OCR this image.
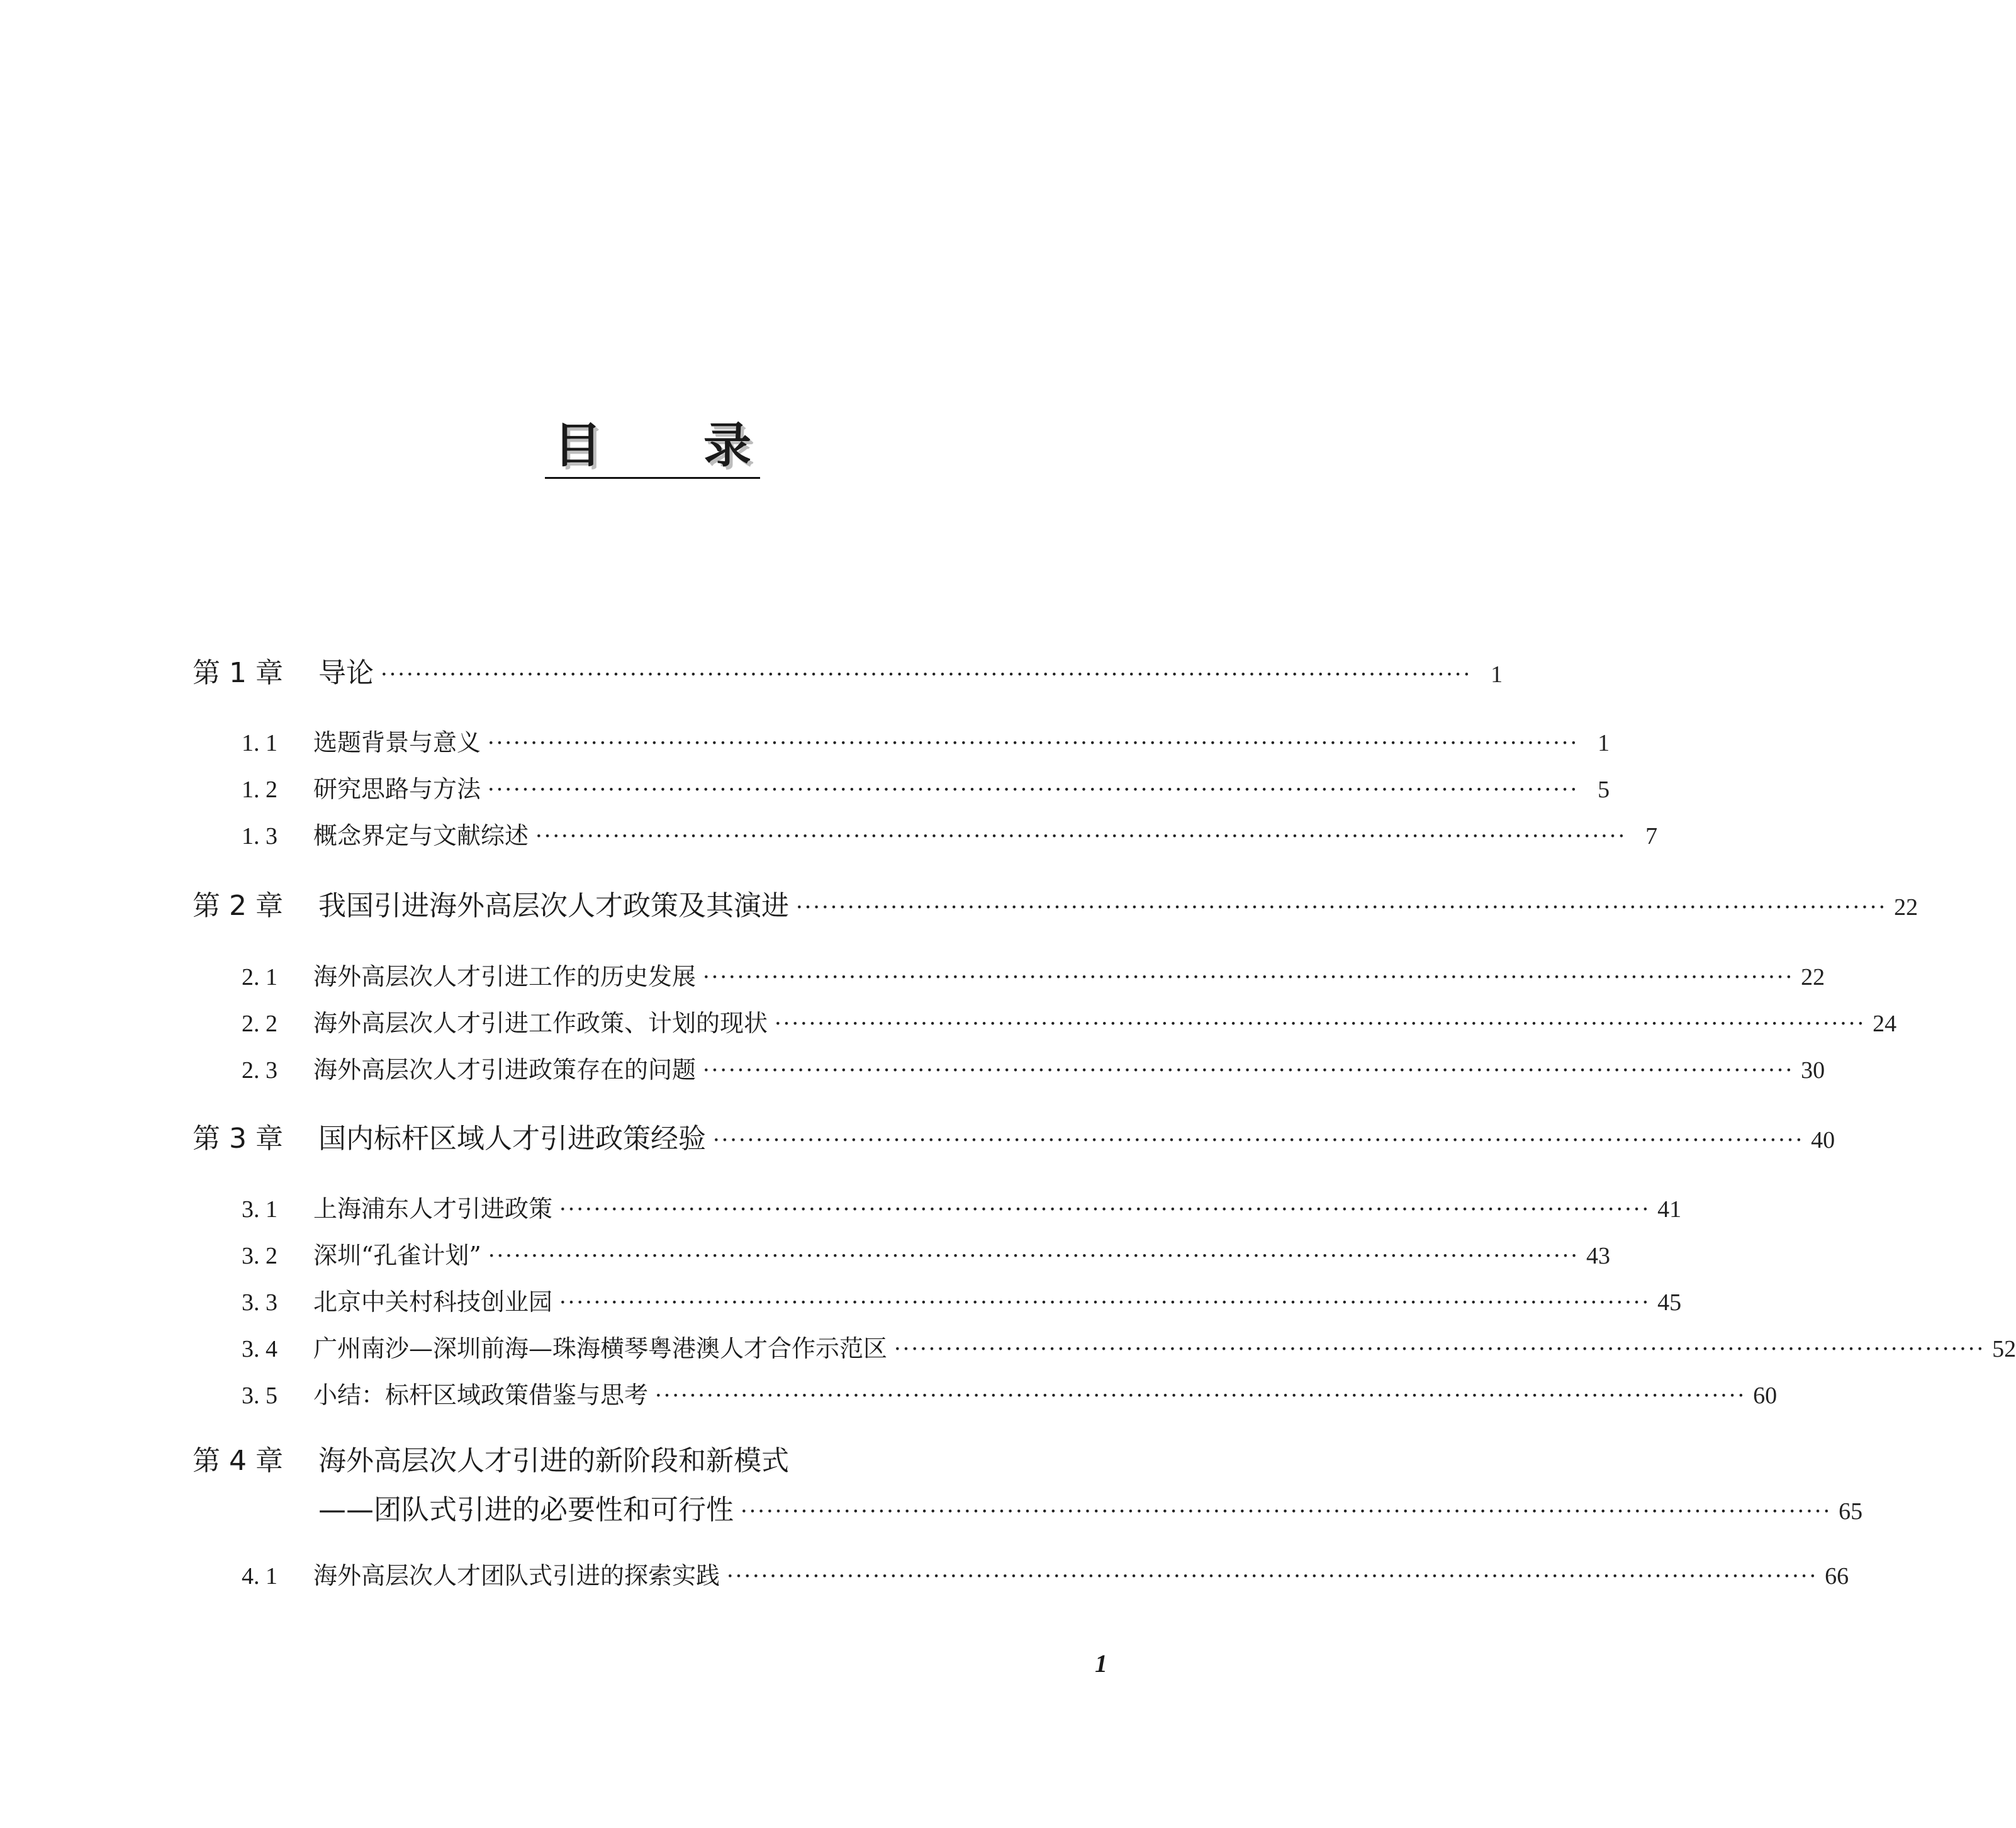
目 录
第 1 章	导论 ······························································································································· 1
1. 1	选题背景与意义 ······························································································································· 1
1. 2	研究思路与方法 ······························································································································· 5
1. 3	概念界定与文献综述 ······························································································································· 7
第 2 章	我国引进海外高层次人才政策及其演进 ······························································································································· 22
2. 1	海外高层次人才引进工作的历史发展 ······························································································································· 22
2. 2	海外高层次人才引进工作政策、计划的现状 ······························································································································· 24
2. 3	海外高层次人才引进政策存在的问题 ······························································································································· 30
第 3 章	国内标杆区域人才引进政策经验 ······························································································································· 40
3. 1	上海浦东人才引进政策 ······························································································································· 41
3. 2	深圳“孔雀计划” ······························································································································· 43
3. 3	北京中关村科技创业园 ······························································································································· 45
3. 4	广州南沙—深圳前海—珠海横琴粤港澳人才合作示范区 ······························································································································· 52
3. 5	小结：标杆区域政策借鉴与思考 ······························································································································· 60
第 4 章	海外高层次人才引进的新阶段和新模式
——团队式引进的必要性和可行性 ······························································································································· 65
4. 1	海外高层次人才团队式引进的探索实践 ······························································································································· 66
1
